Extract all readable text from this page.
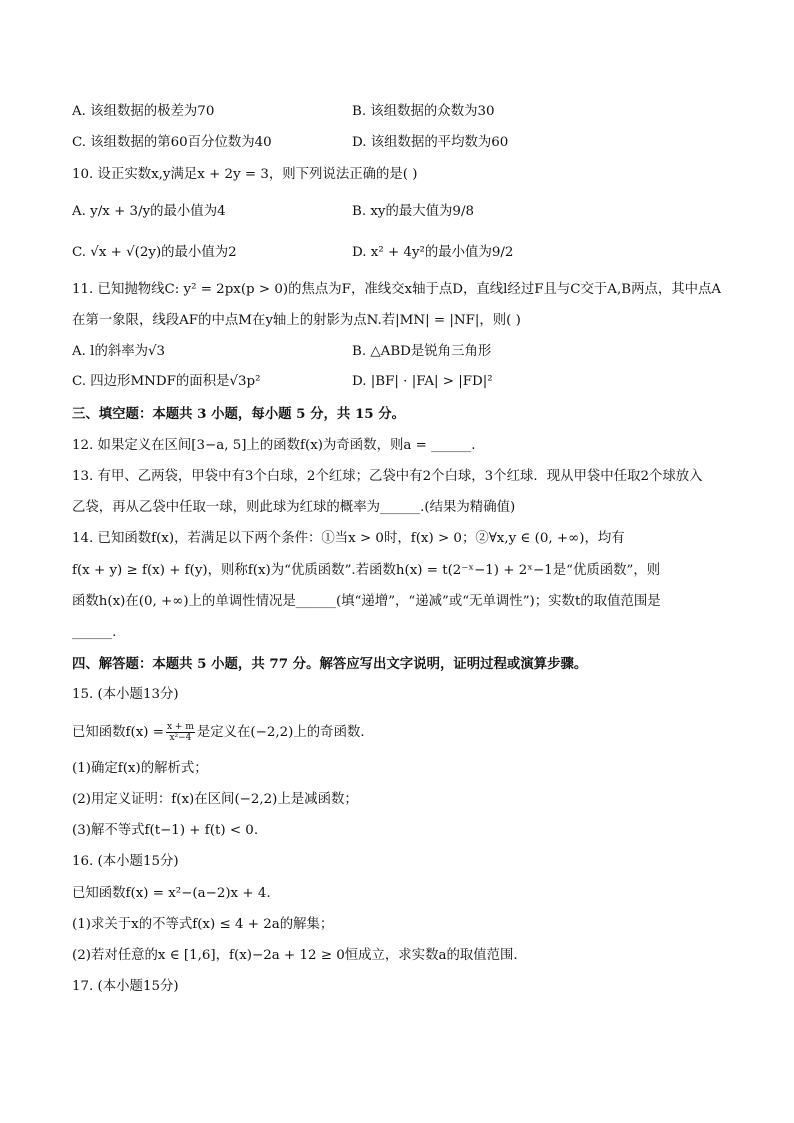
A. 该组数据的极差为70	B. 该组数据的众数为30
C. 该组数据的第60百分位数为40	D. 该组数据的平均数为60
10. 设正实数x,y满足x + 2y = 3，则下列说法正确的是( )
A. y/x + 3/y的最小值为4	B. xy的最大值为9/8
C. √x + √(2y)的最小值为2	D. x² + 4y²的最小值为9/2
11. 已知抛物线C: y² = 2px(p > 0)的焦点为F，准线交x轴于点D，直线l经过F且与C交于A,B两点，其中点A
在第一象限，线段AF的中点M在y轴上的射影为点N.若|MN| = |NF|，则( )
A. l的斜率为√3	B. △ABD是锐角三角形
C. 四边形MNDF的面积是√3p²	D. |BF| · |FA| > |FD|²
三、填空题：本题共 3 小题，每小题 5 分，共 15 分。
12. 如果定义在区间[3−a, 5]上的函数f(x)为奇函数，则a = ______.
13. 有甲、乙两袋，甲袋中有3个白球，2个红球；乙袋中有2个白球，3个红球．现从甲袋中任取2个球放入
乙袋，再从乙袋中任取一球，则此球为红球的概率为______.(结果为精确值)
14. 已知函数f(x)，若满足以下两个条件：①当x > 0时，f(x) > 0；②∀x,y ∈ (0, +∞)，均有
f(x + y) ≥ f(x) + f(y)，则称f(x)为“优质函数”.若函数h(x) = t(2⁻ˣ−1) + 2ˣ−1是“优质函数”，则
函数h(x)在(0, +∞)上的单调性情况是______(填“递增”，“递减”或“无单调性”)；实数t的取值范围是
______.
四、解答题：本题共 5 小题，共 77 分。解答应写出文字说明，证明过程或演算步骤。
15. (本小题13分)
已知函数$f(x) = \frac{x + m}{\text{x²−4}}$ 是定义在(−2,2)上的奇函数．
(1)确定f(x)的解析式；
(2)用定义证明：f(x)在区间(−2,2)上是减函数；
(3)解不等式f(t−1) + f(t) < 0.
16. (本小题15分)
已知函数f(x) = x²−(a−2)x + 4.
(1)求关于x的不等式f(x) ≤ 4 + 2a的解集；
(2)若对任意的x ∈ [1,6]，f(x)−2a + 12 ≥ 0恒成立，求实数a的取值范围.
17. (本小题15分)
